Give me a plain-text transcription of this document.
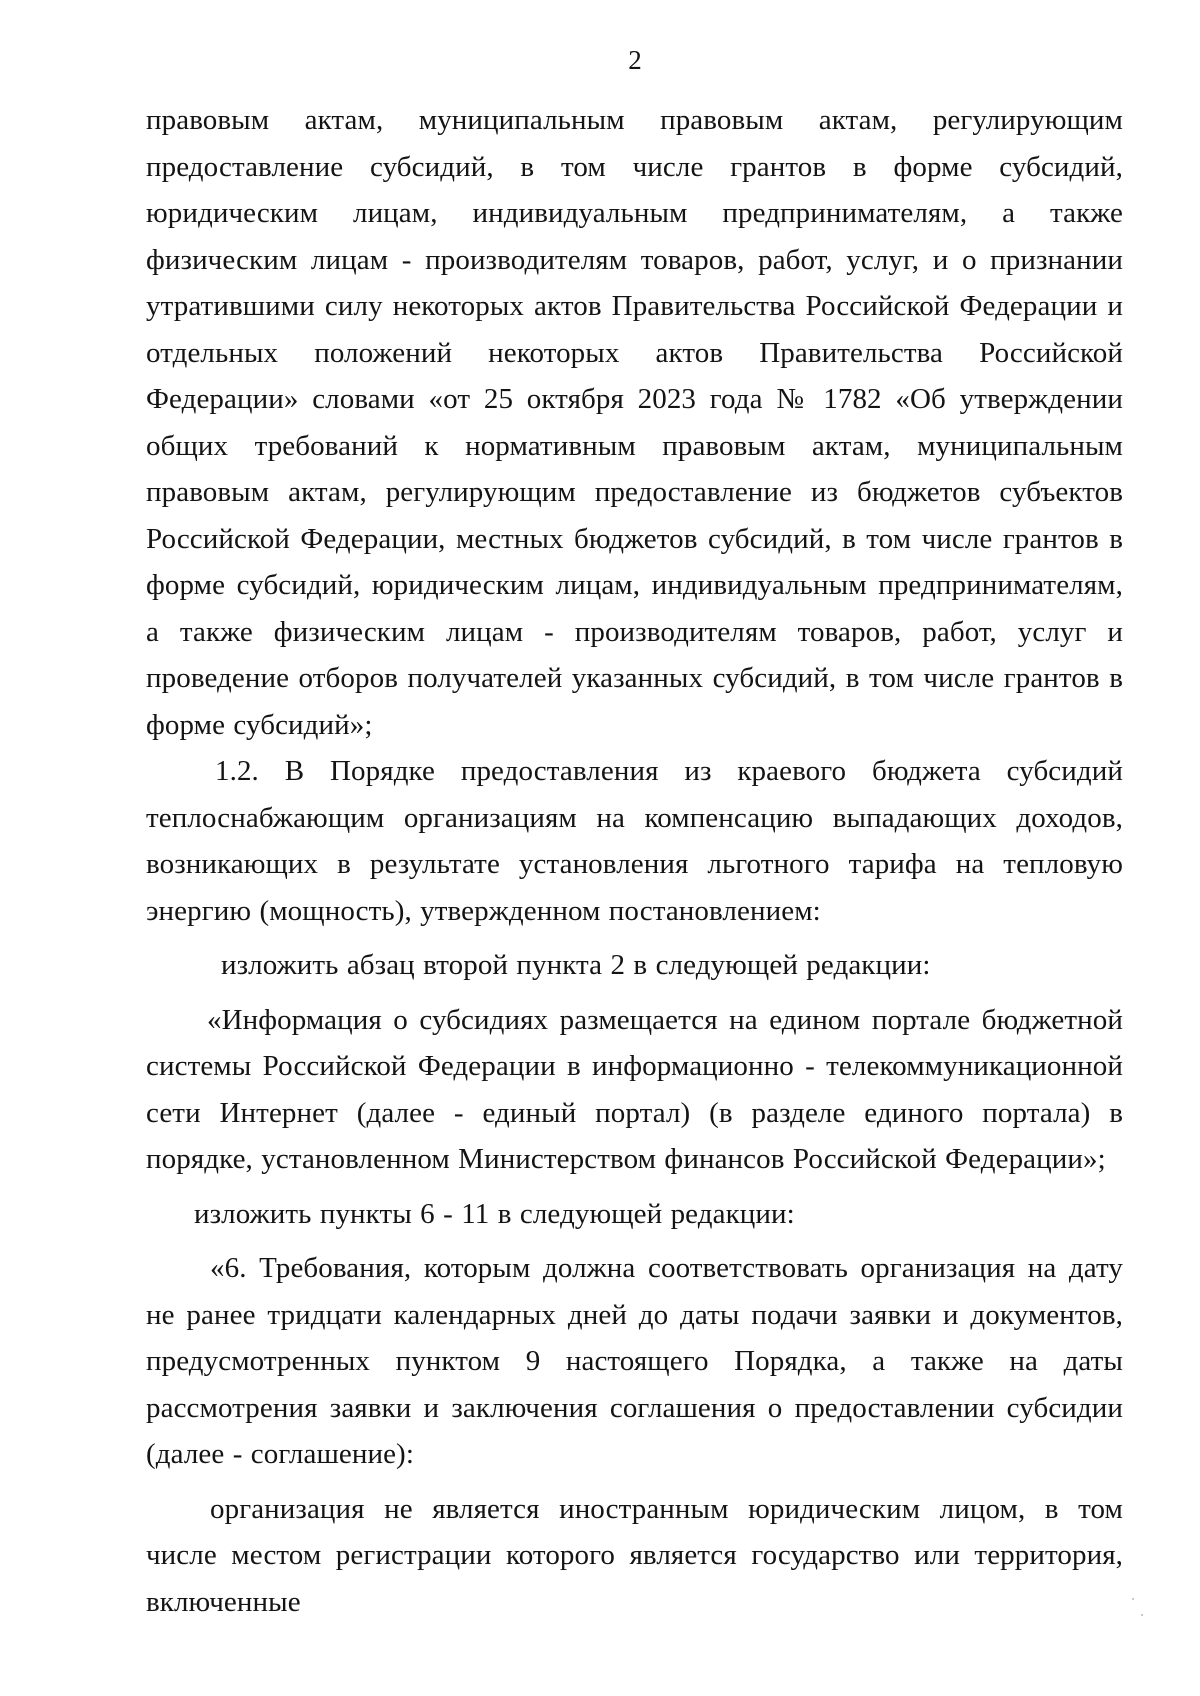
2

правовым актам, муниципальным правовым актам, регулирующим предоставление субсидий, в том числе грантов в форме субсидий, юридическим лицам, индивидуальным предпринимателям, а также физическим лицам - производителям товаров, работ, услуг, и о признании утратившими силу некоторых актов Правительства Российской Федерации и отдельных положений некоторых актов Правительства Российской Федерации» словами «от 25 октября 2023 года № 1782 «Об утверждении общих требований к нормативным правовым актам, муниципальным правовым актам, регулирующим предоставление из бюджетов субъектов Российской Федерации, местных бюджетов субсидий, в том числе грантов в форме субсидий, юридическим лицам, индивидуальным предпринимателям, а также физическим лицам - производителям товаров, работ, услуг и проведение отборов получателей указанных субсидий, в том числе грантов в форме субсидий»;

1.2. В Порядке предоставления из краевого бюджета субсидий теплоснабжающим организациям на компенсацию выпадающих доходов, возникающих в результате установления льготного тарифа на тепловую энергию (мощность), утвержденном постановлением:

изложить абзац второй пункта 2 в следующей редакции:

«Информация о субсидиях размещается на едином портале бюджетной системы Российской Федерации в информационно - телекоммуникационной сети Интернет (далее - единый портал) (в разделе единого портала) в порядке, установленном Министерством финансов Российской Федерации»;

изложить пункты 6 - 11 в следующей редакции:

«6. Требования, которым должна соответствовать организация на дату не ранее тридцати календарных дней до даты подачи заявки и документов, предусмотренных пунктом 9 настоящего Порядка, а также на даты рассмотрения заявки и заключения соглашения о предоставлении субсидии (далее - соглашение):

организация не является иностранным юридическим лицом, в том числе местом регистрации которого является государство или территория, включенные
